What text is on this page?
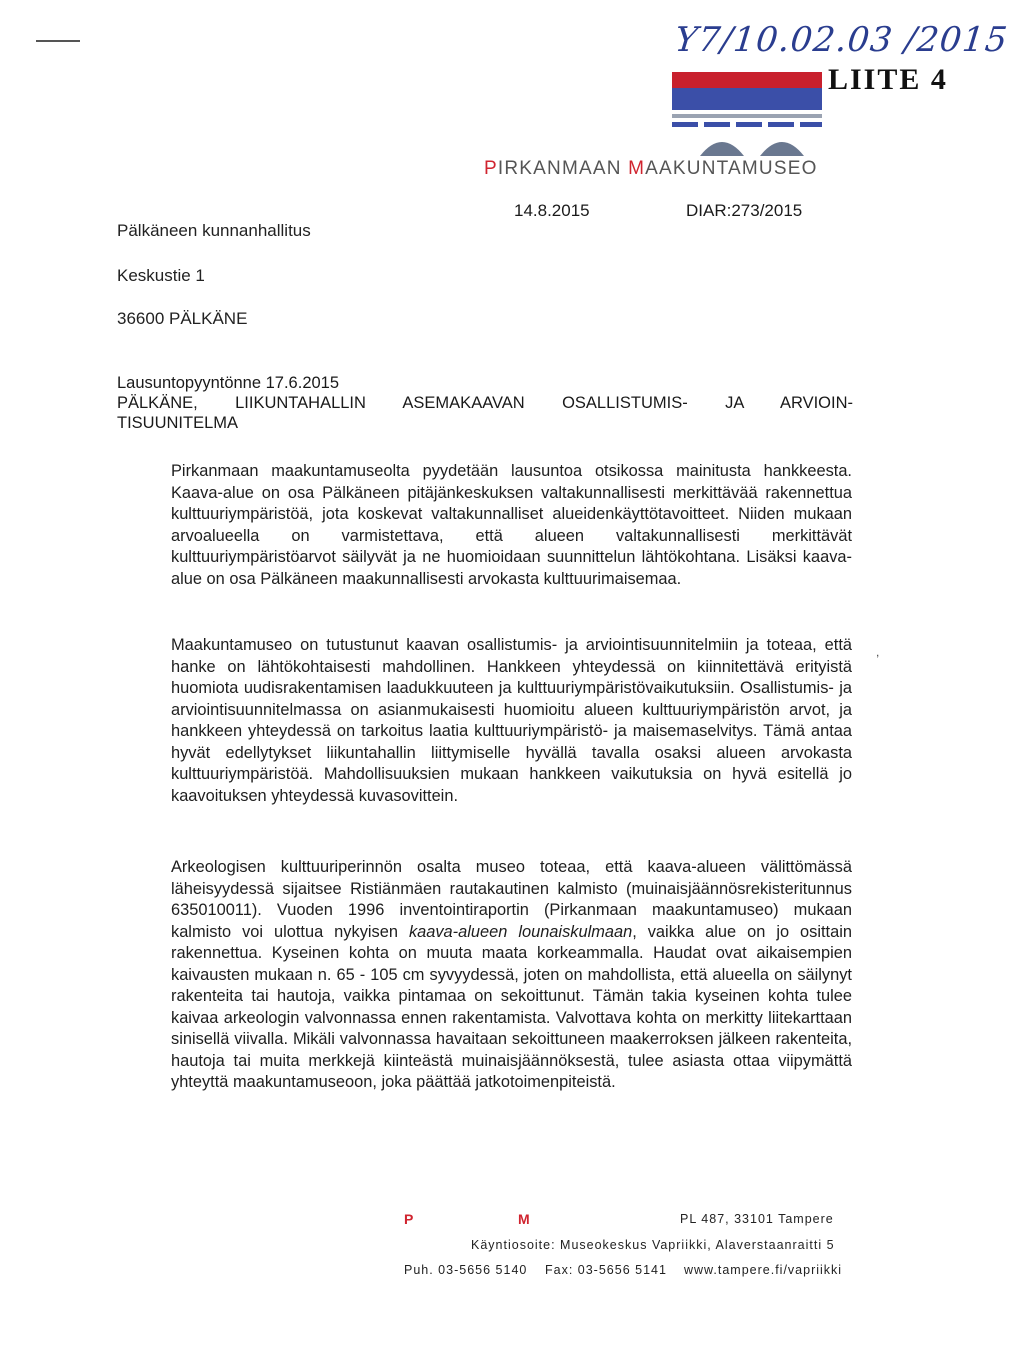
Y7/10.02.03 /2015
LIITE 4
PIRKANMAAN MAAKUNTAMUSEO
Pälkäneen kunnanhallitus
Keskustie 1
36600 PÄLKÄNE
14.8.2015	DIAR:273/2015
Lausuntopyyntönne 17.6.2015
PÄLKÄNE, LIIKUNTAHALLIN ASEMAKAAVAN OSALLISTUMIS- JA ARVIOIN-
TISUUNITELMA
Pirkanmaan maakuntamuseolta pyydetään lausuntoa otsikossa mainitusta hankkeesta. Kaava-alue on osa Pälkäneen pitäjänkeskuksen valtakunnallisesti merkittävää rakennettua kulttuuriympäristöä, jota koskevat valtakunnalliset alueidenkäyttötavoitteet. Niiden mukaan arvoalueella on varmistettava, että alueen valtakunnallisesti merkittävät kulttuuriympäristöarvot säilyvät ja ne huomioidaan suunnittelun lähtökohtana. Lisäksi kaava-alue on osa Pälkäneen maakunnallisesti arvokasta kulttuurimaisemaa.
Maakuntamuseo on tutustunut kaavan osallistumis- ja arviointisuunnitelmiin ja toteaa, että hanke on lähtökohtaisesti mahdollinen. Hankkeen yhteydessä on kiinnitettävä erityistä huomiota uudisrakentamisen laadukkuuteen ja kulttuuriympäristövaikutuksiin. Osallistumis- ja arviointisuunnitelmassa on asianmukaisesti huomioitu alueen kulttuuriympäristön arvot, ja hankkeen yhteydessä on tarkoitus laatia kulttuuriympäristö- ja maisemaselvitys. Tämä antaa hyvät edellytykset liikuntahallin liittymiselle hyvällä tavalla osaksi alueen arvokasta kulttuuriympäristöä. Mahdollisuuksien mukaan hankkeen vaikutuksia on hyvä esitellä jo kaavoituksen yhteydessä kuvasovittein.
,
Arkeologisen kulttuuriperinnön osalta museo toteaa, että kaava-alueen välittömässä läheisyydessä sijaitsee Ristiänmäen rautakautinen kalmisto (muinaisjäännösrekisteritunnus 635010011). Vuoden 1996 inventointiraportin (Pirkanmaan maakuntamuseo) mukaan kalmisto voi ulottua nykyisen kaava-alueen lounaiskulmaan, vaikka alue on jo osittain rakennettua. Kyseinen kohta on muuta maata korkeammalla. Haudat ovat aikaisempien kaivausten mukaan n. 65 - 105 cm syvyydessä, joten on mahdollista, että alueella on säilynyt rakenteita tai hautoja, vaikka pintamaa on sekoittunut. Tämän takia kyseinen kohta tulee kaivaa arkeologin valvonnassa ennen rakentamista. Valvottava kohta on merkitty liitekarttaan sinisellä viivalla. Mikäli valvonnassa havaitaan sekoittuneen maakerroksen jälkeen rakenteita, hautoja tai muita merkkejä kiinteästä muinaisjäännöksestä, tulee asiasta ottaa viipymättä yhteyttä maakuntamuseoon, joka päättää jatkotoimenpiteistä.
P	M	PL 487, 33101 Tampere
Käyntiosoite: Museokeskus Vapriikki, Alaverstaanraitti 5
Puh. 03-5656 5140 Fax: 03-5656 5141 www.tampere.fi/vapriikki
